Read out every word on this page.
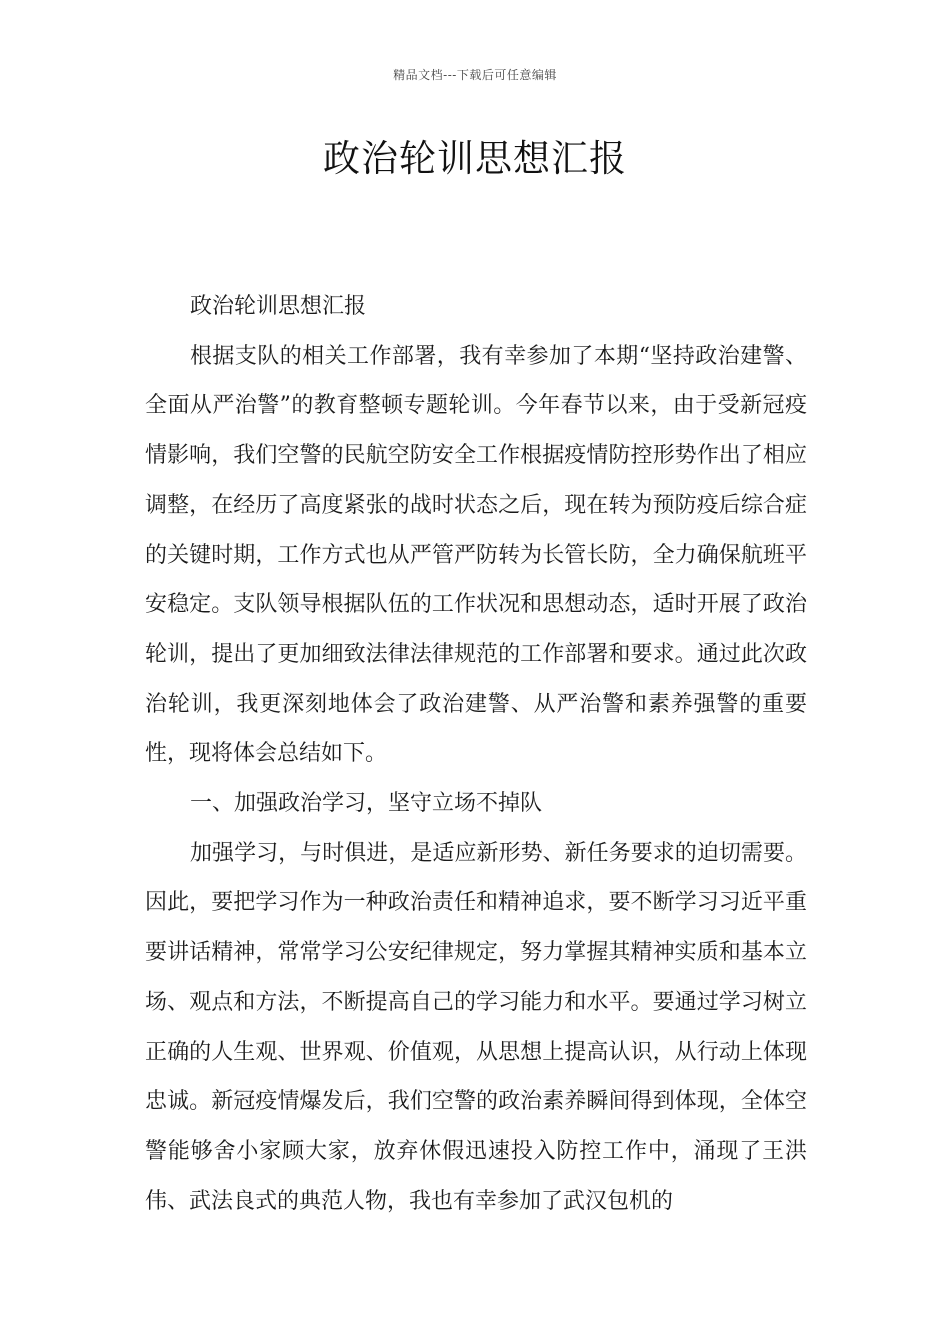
精品文档---下载后可任意编辑
政治轮训思想汇报

政治轮训思想汇报

根据支队的相关工作部署，我有幸参加了本期“坚持政治建警、全面从严治警”的教育整顿专题轮训。今年春节以来，由于受新冠疫情影响，我们空警的民航空防安全工作根据疫情防控形势作出了相应调整，在经历了高度紧张的战时状态之后，现在转为预防疫后综合症的关键时期，工作方式也从严管严防转为长管长防，全力确保航班平安稳定。支队领导根据队伍的工作状况和思想动态，适时开展了政治轮训，提出了更加细致法律法律规范的工作部署和要求。通过此次政治轮训，我更深刻地体会了政治建警、从严治警和素养强警的重要性，现将体会总结如下。

一、加强政治学习，坚守立场不掉队

加强学习，与时俱进，是适应新形势、新任务要求的迫切需要。因此，要把学习作为一种政治责任和精神追求，要不断学习习近平重要讲话精神，常常学习公安纪律规定，努力掌握其精神实质和基本立场、观点和方法，不断提高自己的学习能力和水平。要通过学习树立正确的人生观、世界观、价值观，从思想上提高认识，从行动上体现忠诚。新冠疫情爆发后，我们空警的政治素养瞬间得到体现，全体空警能够舍小家顾大家，放弃休假迅速投入防控工作中，涌现了王洪伟、武法良式的典范人物，我也有幸参加了武汉包机的
